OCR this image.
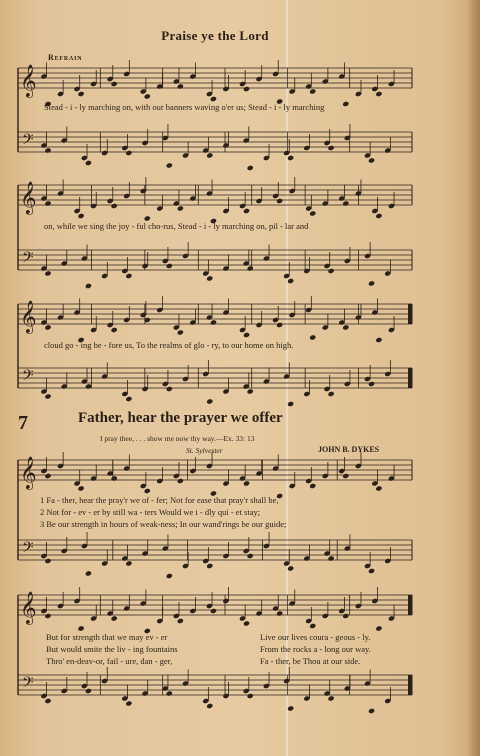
𝄞
𝄢
𝄞
𝄢
𝄞
𝄢
𝄞
𝄢
𝄞
𝄢
Praise ye the Lord
Refrain
Stead - i - ly marching on, with our banners waving o'er us; Stead - i - ly marching
on, while we sing the joy - ful cho-rus, Stead - i - ly marching on, pil - lar and
cloud go - ing be - fore us, To the realms of glo - ry, to our home on high.
7	Father, hear the prayer we offer
I pray thee, . . . show me now thy way.—Ex. 33: 13
St. Sylvester	JOHN B. DYKES
1 Fa - ther, hear the pray'r we of - fer; Not for ease that pray'r shall be,
2 Not for - ev - er by still wa - ters Would we i - dly qui - et stay;
3 Be our strength in hours of weak-ness; In our wand'rings be our guide;
But for strength that we may ev - er
But would smite the liv - ing fountains
Thro' en-deav-or, fail - ure, dan - ger,
Live our lives coura - geous - ly.
From the rocks a - long our way.
Fa - ther, be Thou at our side.
